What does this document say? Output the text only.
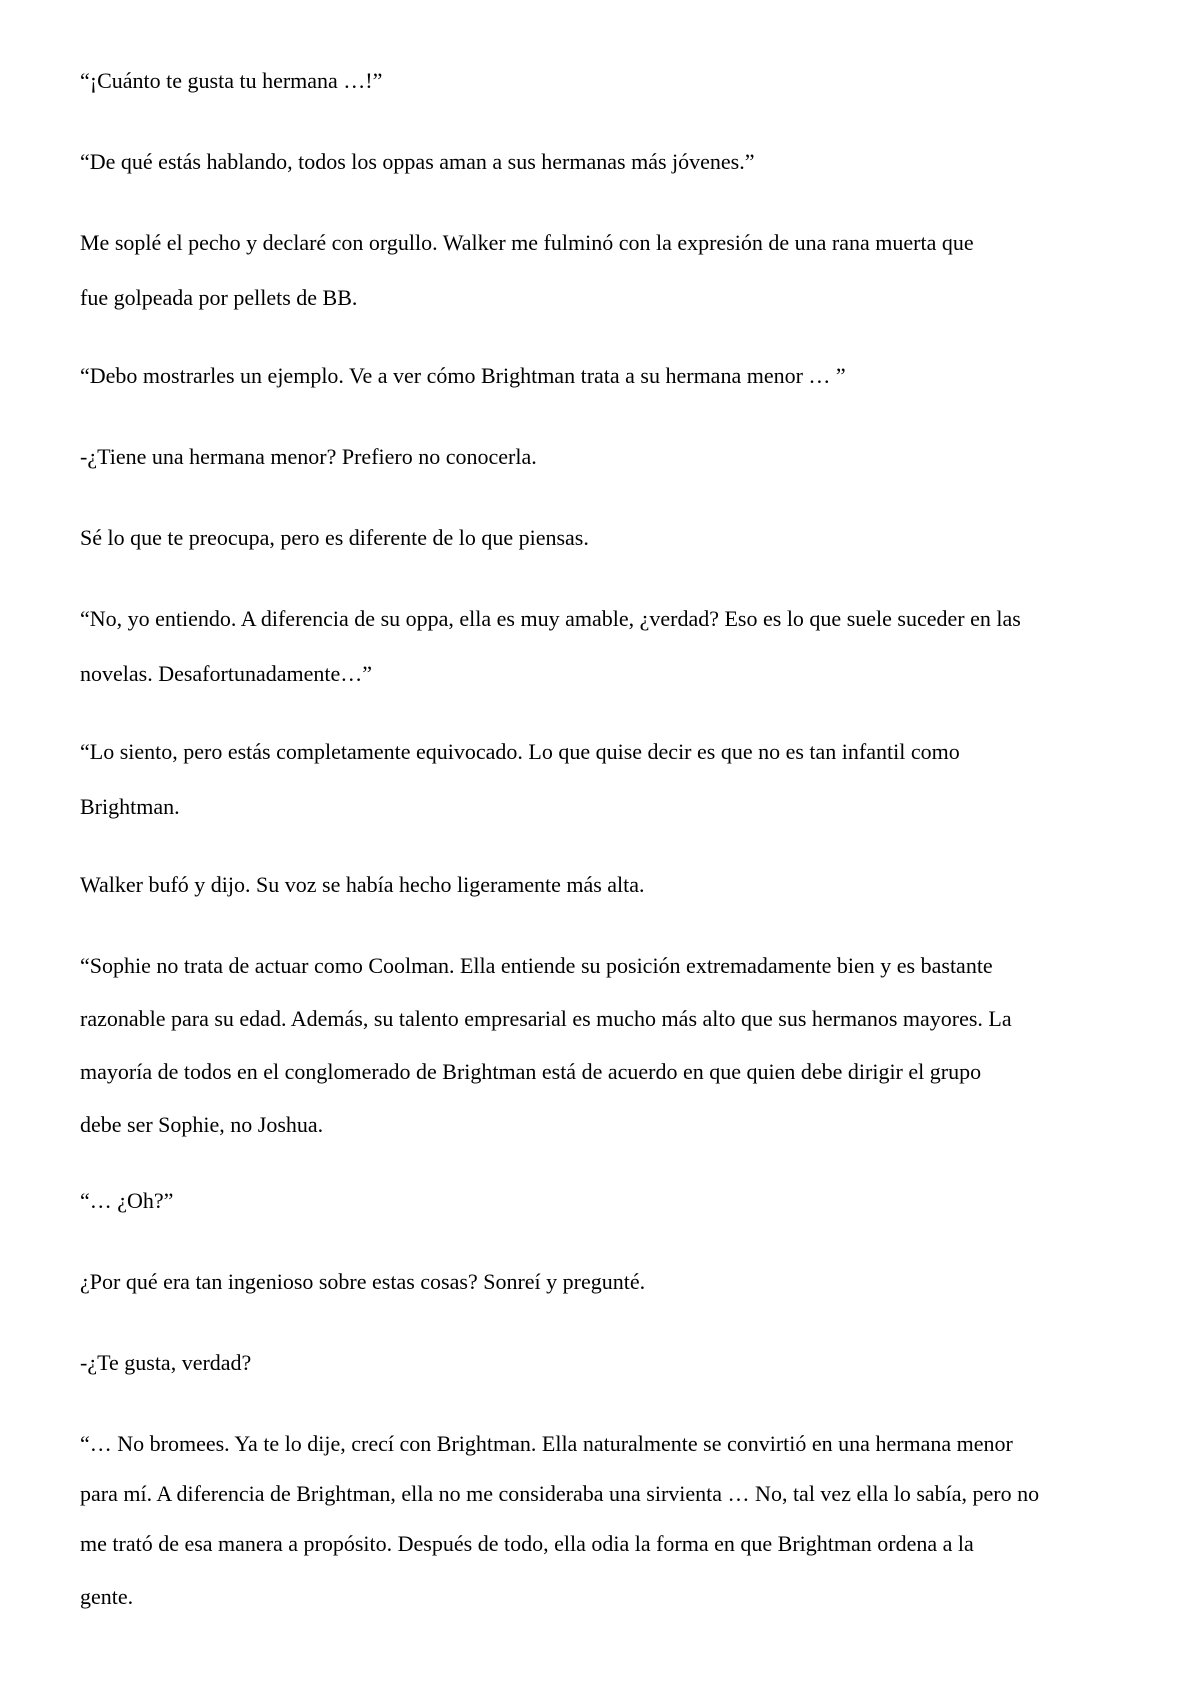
“¡Cuánto te gusta tu hermana …!”

“De qué estás hablando, todos los oppas aman a sus hermanas más jóvenes.”

Me soplé el pecho y declaré con orgullo. Walker me fulminó con la expresión de una rana muerta que

fue golpeada por pellets de BB.

“Debo mostrarles un ejemplo. Ve a ver cómo Brightman trata a su hermana menor … ”

-¿Tiene una hermana menor? Prefiero no conocerla.

Sé lo que te preocupa, pero es diferente de lo que piensas.

“No, yo entiendo. A diferencia de su oppa, ella es muy amable, ¿verdad? Eso es lo que suele suceder en las

novelas. Desafortunadamente…”

“Lo siento, pero estás completamente equivocado. Lo que quise decir es que no es tan infantil como

Brightman.

Walker bufó y dijo. Su voz se había hecho ligeramente más alta.

“Sophie no trata de actuar como Coolman. Ella entiende su posición extremadamente bien y es bastante

razonable para su edad. Además, su talento empresarial es mucho más alto que sus hermanos mayores. La

mayoría de todos en el conglomerado de Brightman está de acuerdo en que quien debe dirigir el grupo

debe ser Sophie, no Joshua.

“… ¿Oh?”

¿Por qué era tan ingenioso sobre estas cosas? Sonreí y pregunté.

-¿Te gusta, verdad?

“… No bromees. Ya te lo dije, crecí con Brightman. Ella naturalmente se convirtió en una hermana menor

para mí. A diferencia de Brightman, ella no me consideraba una sirvienta … No, tal vez ella lo sabía, pero no

me trató de esa manera a propósito. Después de todo, ella odia la forma en que Brightman ordena a la

gente.
